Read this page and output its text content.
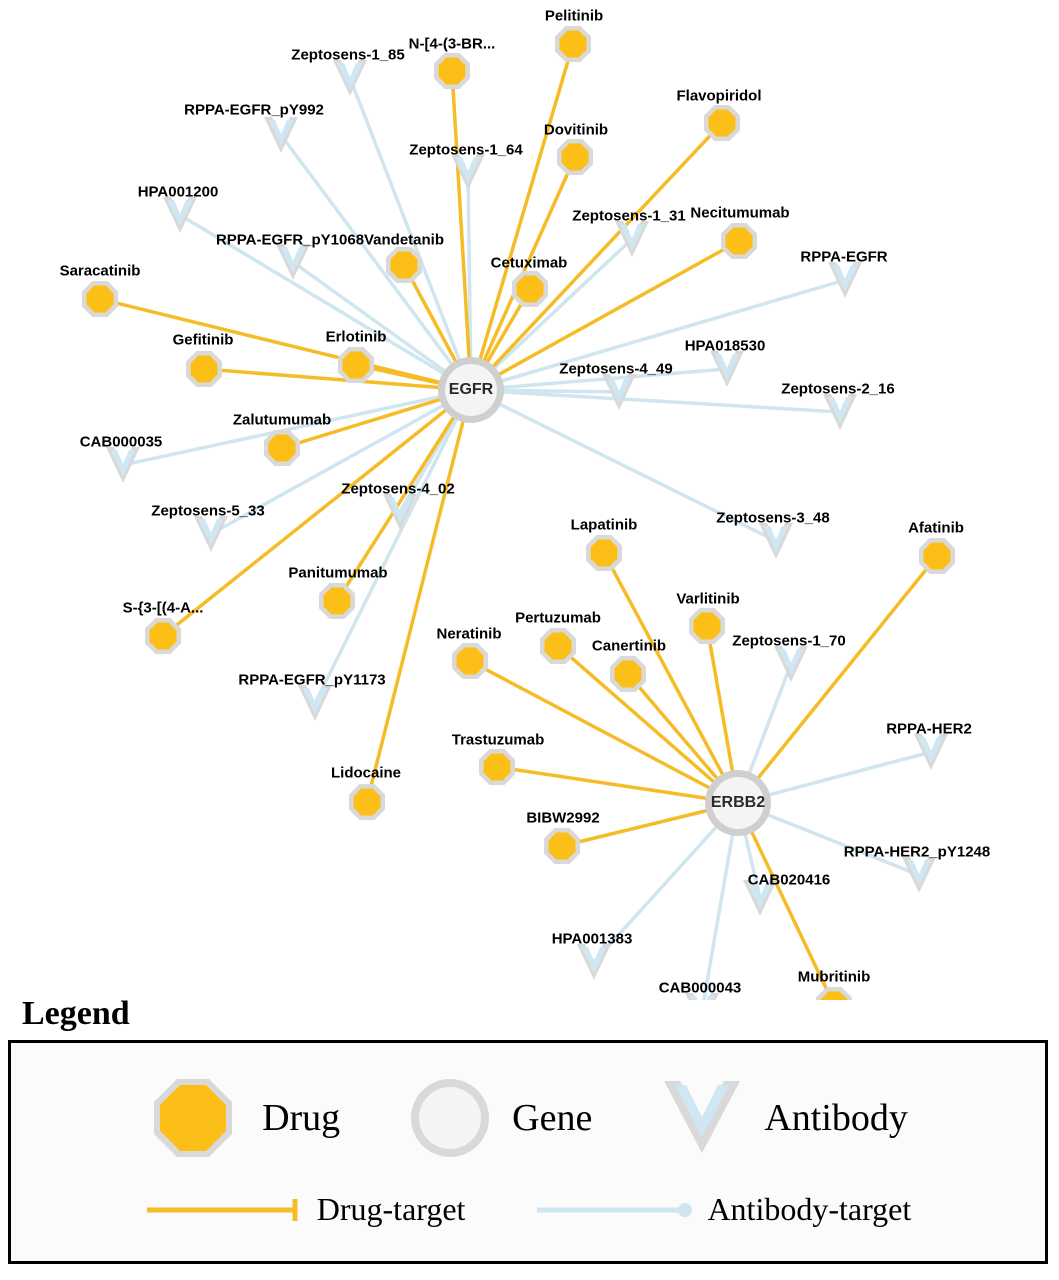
Pelitinib
N-[4-(3-BR...
Flavopiridol
Dovitinib
Necitumumab
Vandetanib
Cetuximab
Saracatinib
Gefitinib	Erlotinib
Zalutumumab
Lapatinib	Afatinib
Panitumumab
Varlitinib
S-{3-[(4-A...
Pertuzumab
Neratinib
Canertinib
Trastuzumab
Lidocaine
BIBW2992
Mubritinib
Zeptosens-1_85
RPPA-EGFR_pY992
Zeptosens-1_64
HPA001200
Zeptosens-1_31
RPPA-EGFR_pY1068
RPPA-EGFR
HPA018530
Zeptosens-4_49
Zeptosens-2_16
CAB000035
Zeptosens-4_02
Zeptosens-5_33	Zeptosens-3_48
Zeptosens-1_70
RPPA-EGFR_pY1173
RPPA-HER2
RPPA-HER2_pY1248
CAB020416
HPA001383
CAB000043
EGFR
ERBB2
Legend
Drug	Gene	Antibody
Drug-target	Antibody-target
